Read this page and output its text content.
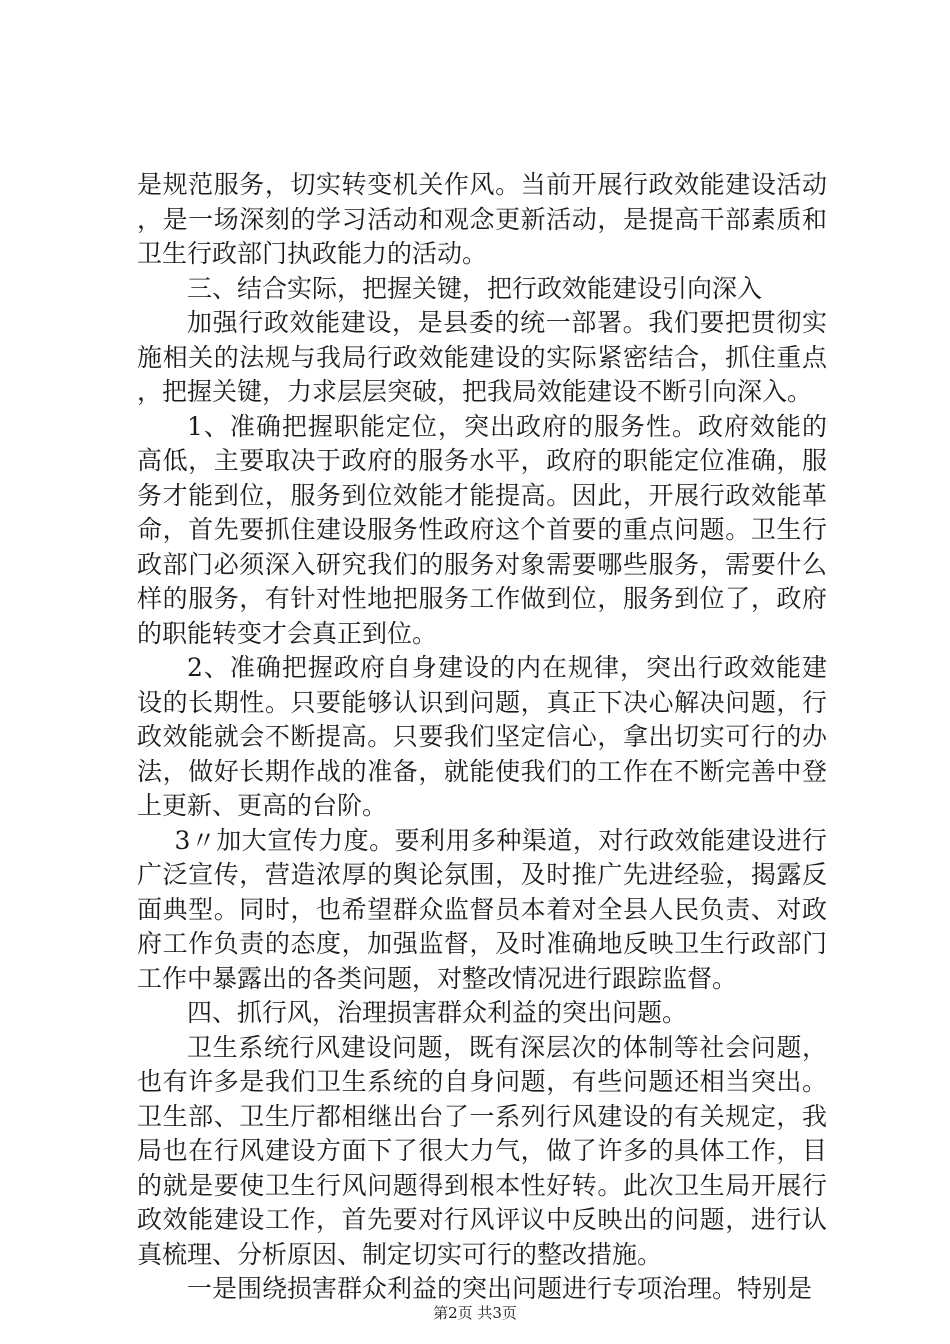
是规范服务，切实转变机关作风。当前开展行政效能建设活动，是一场深刻的学习活动和观念更新活动，是提高干部素质和卫生行政部门执政能力的活动。

三、结合实际，把握关键，把行政效能建设引向深入

加强行政效能建设，是县委的统一部署。我们要把贯彻实施相关的法规与我局行政效能建设的实际紧密结合，抓住重点，把握关键，力求层层突破，把我局效能建设不断引向深入。

1、准确把握职能定位，突出政府的服务性。政府效能的高低，主要取决于政府的服务水平，政府的职能定位准确，服务才能到位，服务到位效能才能提高。因此，开展行政效能革命，首先要抓住建设服务性政府这个首要的重点问题。卫生行政部门必须深入研究我们的服务对象需要哪些服务，需要什么样的服务，有针对性地把服务工作做到位，服务到位了，政府的职能转变才会真正到位。

2、准确把握政府自身建设的内在规律，突出行政效能建设的长期性。只要能够认识到问题，真正下决心解决问题，行政效能就会不断提高。只要我们坚定信心，拿出切实可行的办法，做好长期作战的准备，就能使我们的工作在不断完善中登上更新、更高的台阶。

3〃加大宣传力度。要利用多种渠道，对行政效能建设进行广泛宣传，营造浓厚的舆论氛围，及时推广先进经验，揭露反面典型。同时，也希望群众监督员本着对全县人民负责、对政府工作负责的态度，加强监督，及时准确地反映卫生行政部门工作中暴露出的各类问题，对整改情况进行跟踪监督。

四、抓行风，治理损害群众利益的突出问题。

卫生系统行风建设问题，既有深层次的体制等社会问题，也有许多是我们卫生系统的自身问题，有些问题还相当突出。卫生部、卫生厅都相继出台了一系列行风建设的有关规定，我局也在行风建设方面下了很大力气，做了许多的具体工作，目的就是要使卫生行风问题得到根本性好转。此次卫生局开展行政效能建设工作，首先要对行风评议中反映出的问题，进行认真梳理、分析原因、制定切实可行的整改措施。

一是围绕损害群众利益的突出问题进行专项治理。特别是

第2页 共3页
